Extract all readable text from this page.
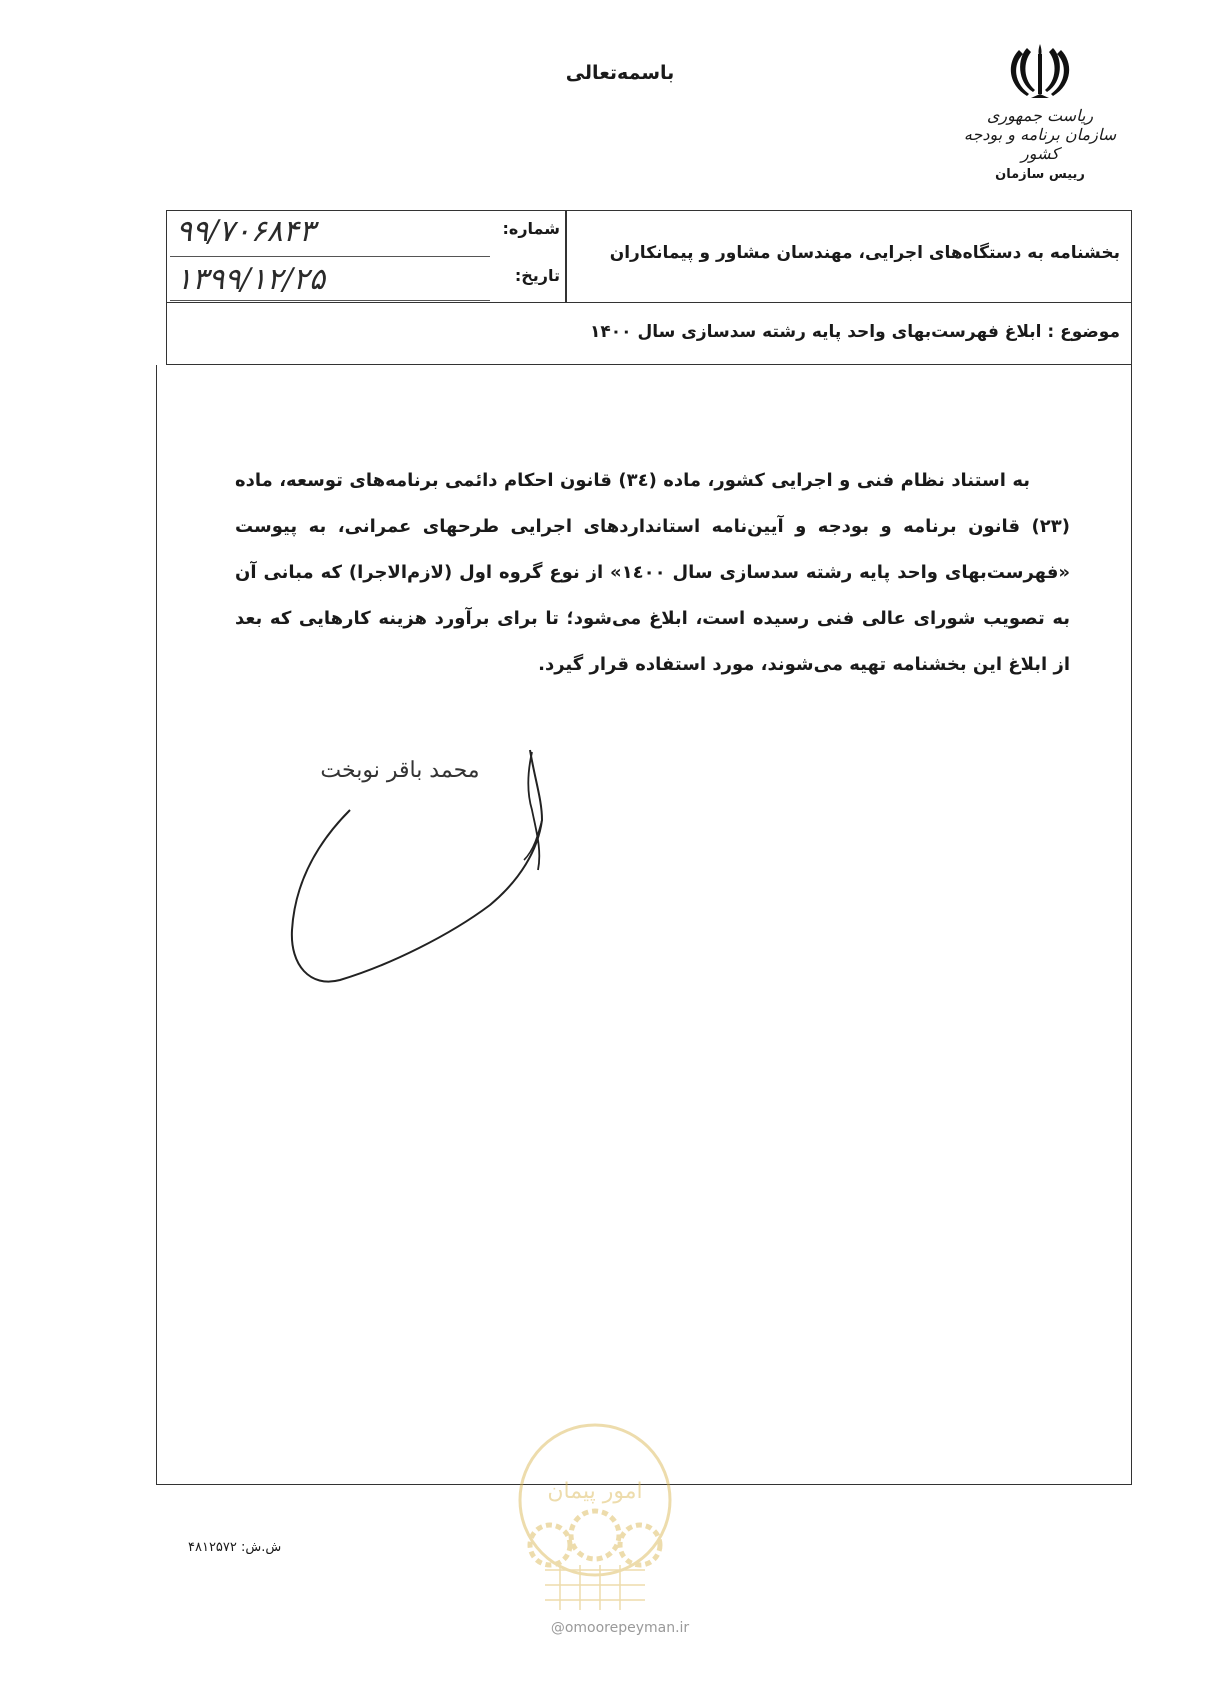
باسمه‌تعالی
ریاست جمهوری
سازمان برنامه و بودجه کشور
رییس سازمان
بخشنامه به دستگاه‌های اجرایی، مهندسان مشاور و پیمانکاران
شماره:
۹۹/۷۰۶۸۴۳
تاریخ:
۱۳۹۹/۱۲/۲۵
موضوع : ابلاغ فهرست‌بهای واحد پایه رشته سدسازی سال ۱۴۰۰
به استناد نظام فنی و اجرایی کشور، ماده (۳٤) قانون احکام دائمی برنامه‌های توسعه، ماده (۲۳) قانون برنامه و بودجه و آیین‌نامه استانداردهای اجرایی طرحهای عمرانی، به پیوست «فهرست‌بهای واحد پایه رشته سدسازی سال ۱٤۰۰» از نوع گروه اول (لازم‌الاجرا) که مبانی آن به تصویب شورای عالی فنی رسیده است، ابلاغ می‌شود؛ تا برای برآورد هزینه کارهایی که بعد از ابلاغ این بخشنامه تهیه می‌شوند، مورد استفاده قرار گیرد.
محمد باقر نوبخت
ش.ش: ۴۸۱۲۵۷۲
امور پیمان
@omoorepeyman.ir
